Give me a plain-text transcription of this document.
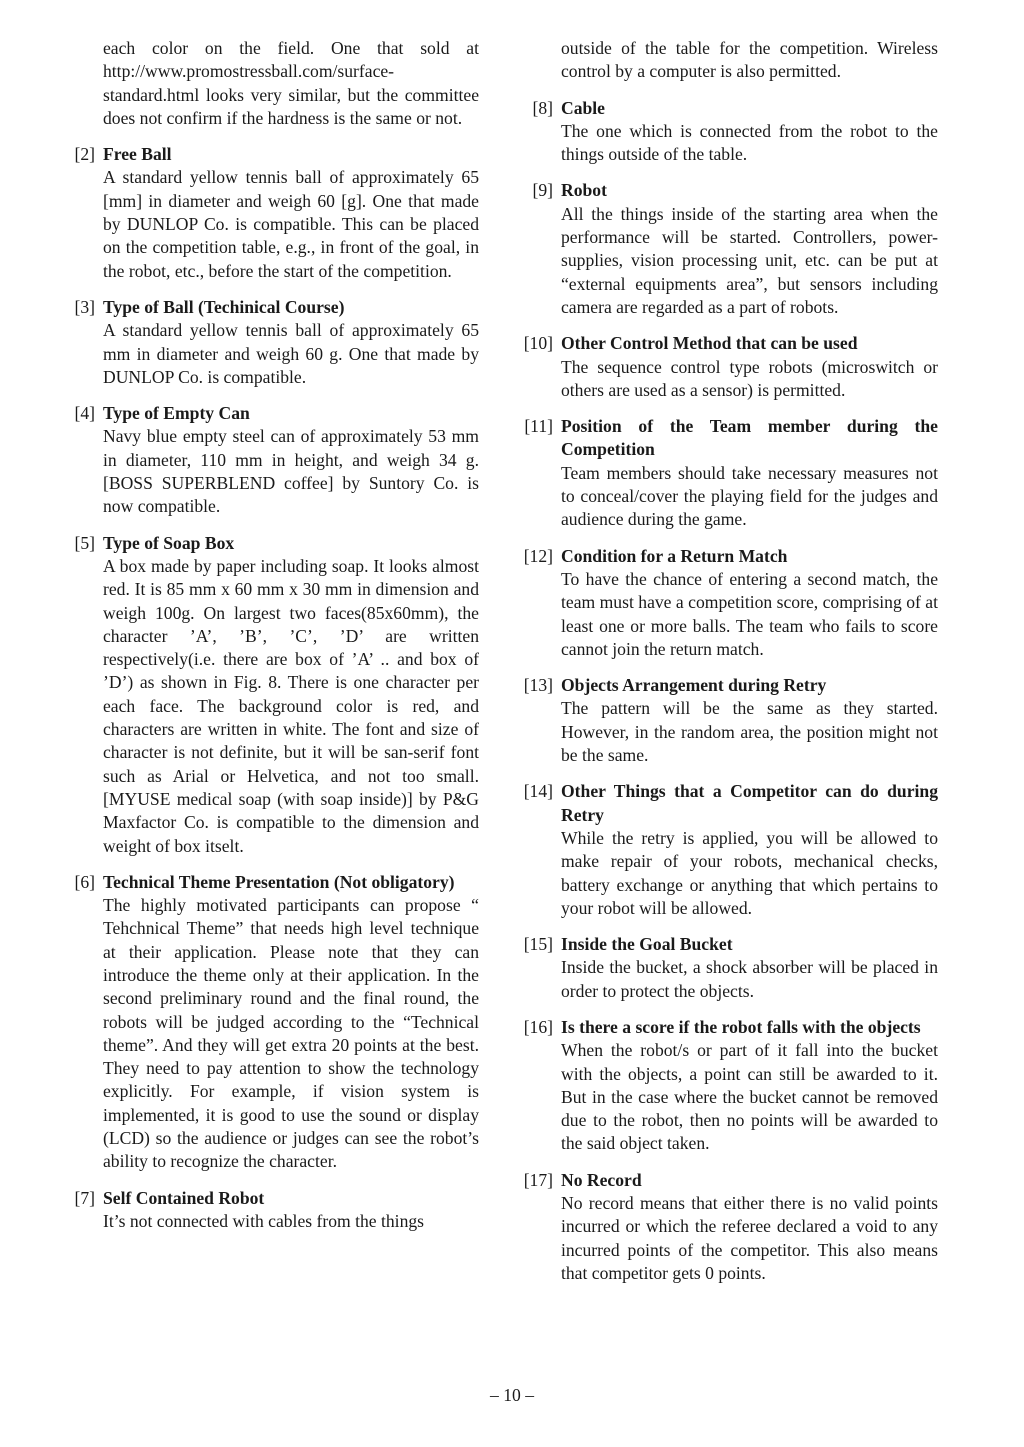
each color on the field. One that sold at http://www.promostressball.com/surface-standard.html looks very similar, but the committee does not confirm if the hardness is the same or not.

[2] Free Ball

A standard yellow tennis ball of approximately 65 [mm] in diameter and weigh 60 [g]. One that made by DUNLOP Co. is compatible. This can be placed on the competition table, e.g., in front of the goal, in the robot, etc., before the start of the competition.

[3] Type of Ball (Techinical Course)

A standard yellow tennis ball of approximately 65 mm in diameter and weigh 60 g. One that made by DUNLOP Co. is compatible.

[4] Type of Empty Can

Navy blue empty steel can of approximately 53 mm in diameter, 110 mm in height, and weigh 34 g. [BOSS SUPERBLEND coffee] by Suntory Co. is now compatible.

[5] Type of Soap Box

A box made by paper including soap. It looks almost red. It is 85 mm x 60 mm x 30 mm in dimension and weigh 100g. On largest two faces(85x60mm), the character ’A’, ’B’, ’C’, ’D’ are written respectively(i.e. there are box of ’A’ .. and box of ’D’) as shown in Fig. 8. There is one character per each face. The background color is red, and characters are written in white. The font and size of character is not definite, but it will be san-serif font such as Arial or Helvetica, and not too small. [MYUSE medical soap (with soap inside)] by P&G Maxfactor Co. is compatible to the dimension and weight of box itselt.

[6] Technical Theme Presentation (Not obligatory)

The highly motivated participants can propose “ Tehchnical Theme” that needs high level technique at their application. Please note that they can introduce the theme only at their application. In the second preliminary round and the final round, the robots will be judged according to the “Technical theme”. And they will get extra 20 points at the best. They need to pay attention to show the technology explicitly. For example, if vision system is implemented, it is good to use the sound or display (LCD) so the audience or judges can see the robot’s ability to recognize the character.

[7] Self Contained Robot

It’s not connected with cables from the things

outside of the table for the competition. Wireless control by a computer is also permitted.

[8] Cable

The one which is connected from the robot to the things outside of the table.

[9] Robot

All the things inside of the starting area when the performance will be started. Controllers, power-supplies, vision processing unit, etc. can be put at “external equipments area”, but sensors including camera are regarded as a part of robots.

[10] Other Control Method that can be used

The sequence control type robots (microswitch or others are used as a sensor) is permitted.

[11] Position of the Team member during the Competition

Team members should take necessary measures not to conceal/cover the playing field for the judges and audience during the game.

[12] Condition for a Return Match

To have the chance of entering a second match, the team must have a competition score, comprising of at least one or more balls. The team who fails to score cannot join the return match.

[13] Objects Arrangement during Retry

The pattern will be the same as they started. However, in the random area, the position might not be the same.

[14] Other Things that a Competitor can do during Retry

While the retry is applied, you will be allowed to make repair of your robots, mechanical checks, battery exchange or anything that which pertains to your robot will be allowed.

[15] Inside the Goal Bucket

Inside the bucket, a shock absorber will be placed in order to protect the objects.

[16] Is there a score if the robot falls with the objects

When the robot/s or part of it fall into the bucket with the objects, a point can still be awarded to it. But in the case where the bucket cannot be removed due to the robot, then no points will be awarded to the said object taken.

[17] No Record

No record means that either there is no valid points incurred or which the referee declared a void to any incurred points of the competitor. This also means that competitor gets 0 points.

– 10 –
